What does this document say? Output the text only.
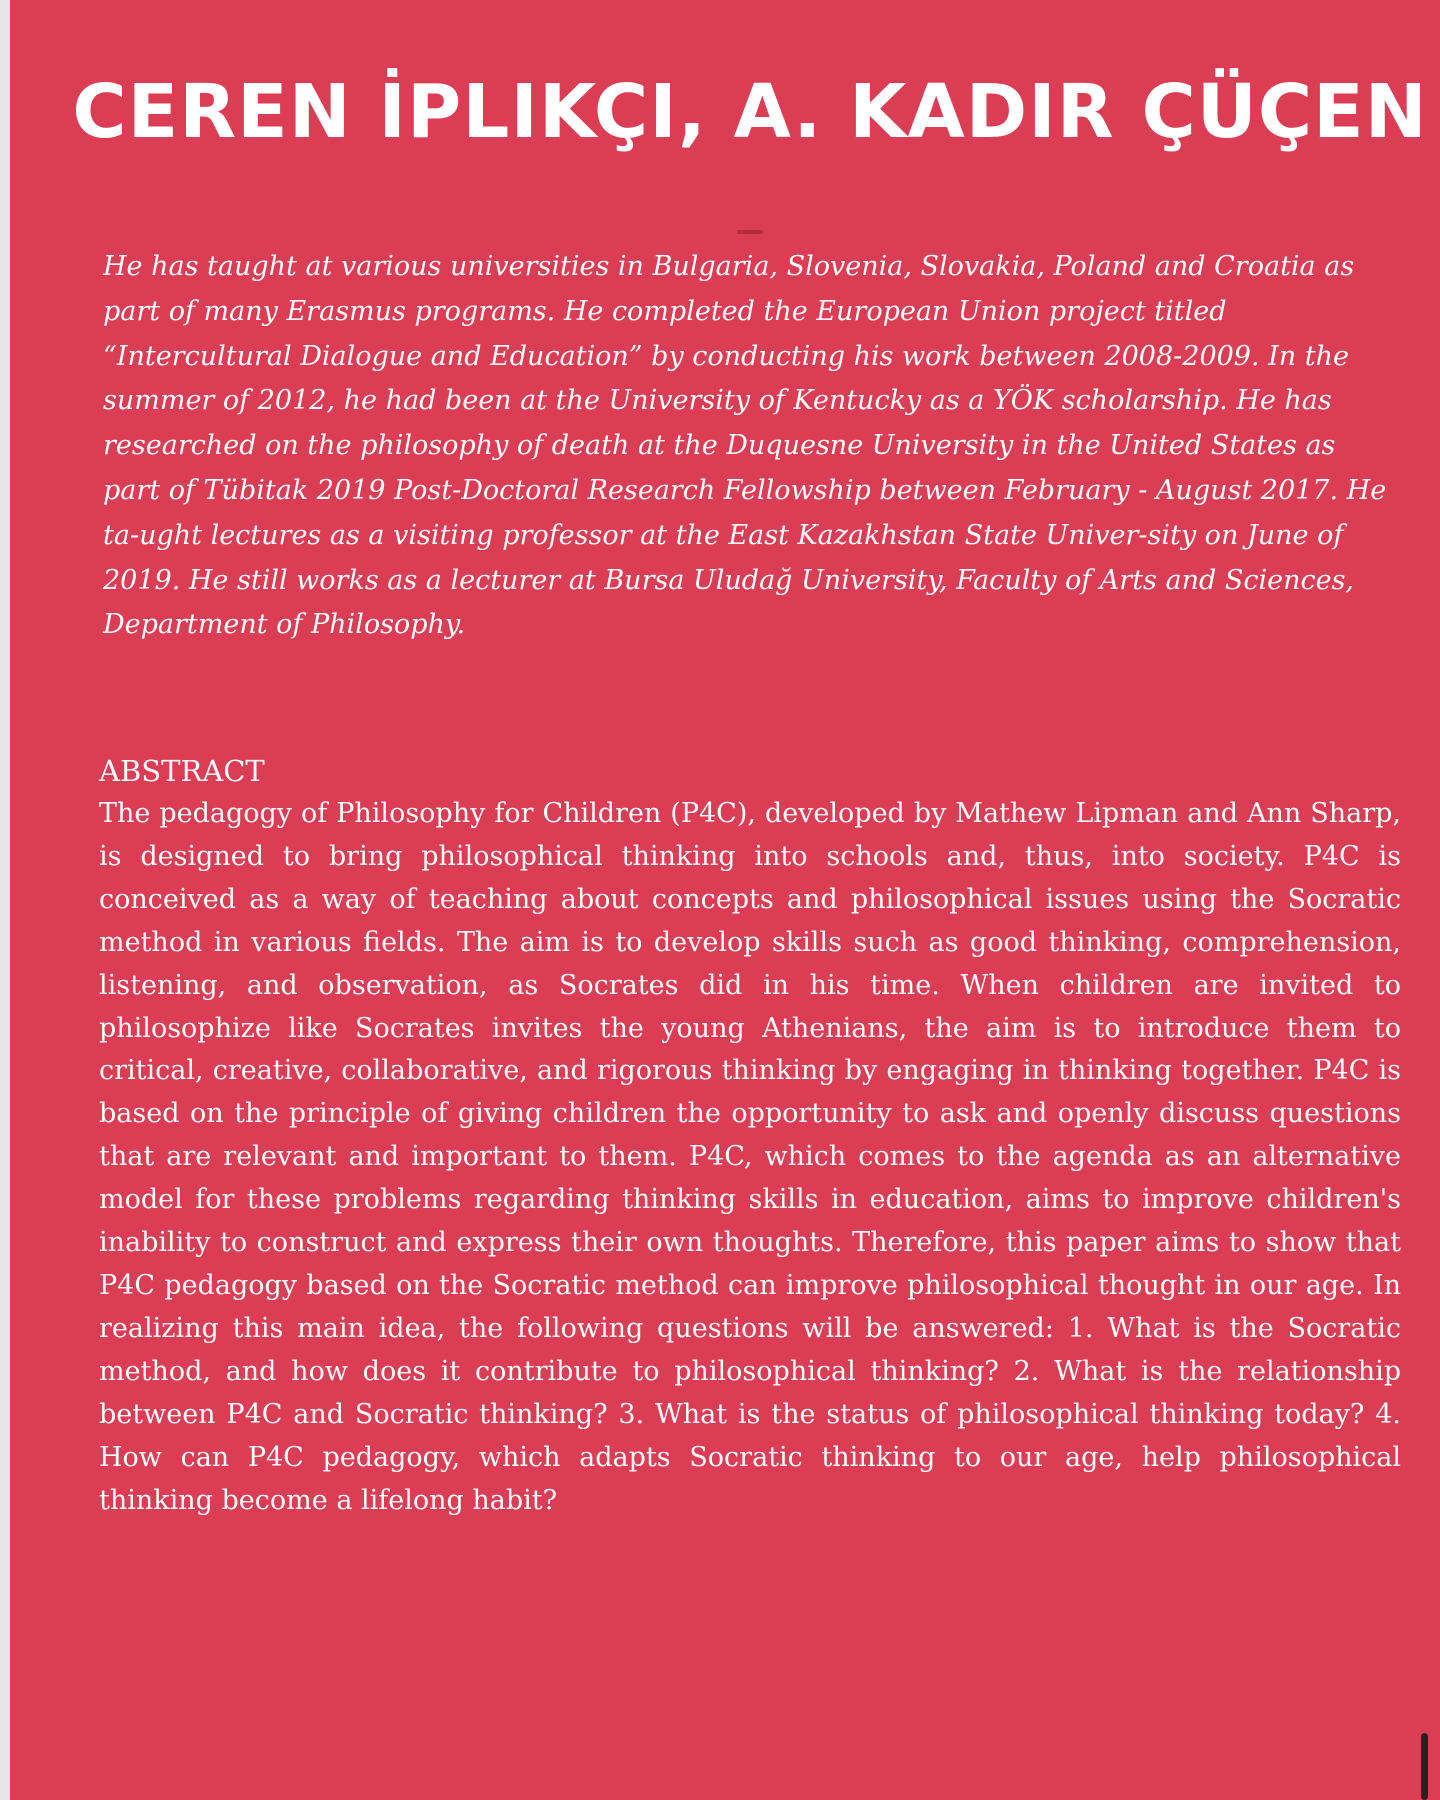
CEREN İPLIKÇI, A. KADIR ÇÜÇEN

He has taught at various universities in Bulgaria, Slovenia, Slovakia, Poland and Croatia as
part of many Erasmus programs. He completed the European Union project titled
“Intercultural Dialogue and Education” by conducting his work between 2008-2009. In the
summer of 2012, he had been at the University of Kentucky as a YÖK scholarship. He has
researched on the philosophy of death at the Duquesne University in the United States as
part of Tübitak 2019 Post-Doctoral Research Fellowship between February - August 2017. He
ta-ught lectures as a visiting professor at the East Kazakhstan State Univer-sity on June of
2019. He still works as a lecturer at Bursa Uludağ University, Faculty of Arts and Sciences,
Department of Philosophy.

ABSTRACT

The pedagogy of Philosophy for Children (P4C), developed by Mathew Lipman and Ann Sharp, is designed to bring philosophical thinking into schools and, thus, into society. P4C is conceived as a way of teaching about concepts and philosophical issues using the Socratic method in various fields. The aim is to develop skills such as good thinking, comprehension, listening, and observation, as Socrates did in his time. When children are invited to philosophize like Socrates invites the young Athenians, the aim is to introduce them to critical, creative, collaborative, and rigorous thinking by engaging in thinking together. P4C is based on the principle of giving children the opportunity to ask and openly discuss questions that are relevant and important to them. P4C, which comes to the agenda as an alternative model for these problems regarding thinking skills in education, aims to improve children's inability to construct and express their own thoughts. Therefore, this paper aims to show that P4C pedagogy based on the Socratic method can improve philosophical thought in our age. In realizing this main idea, the following questions will be answered: 1. What is the Socratic method, and how does it contribute to philosophical thinking? 2. What is the relationship between P4C and Socratic thinking? 3. What is the status of philosophical thinking today? 4. How can P4C pedagogy, which adapts Socratic thinking to our age, help philosophical thinking become a lifelong habit?
